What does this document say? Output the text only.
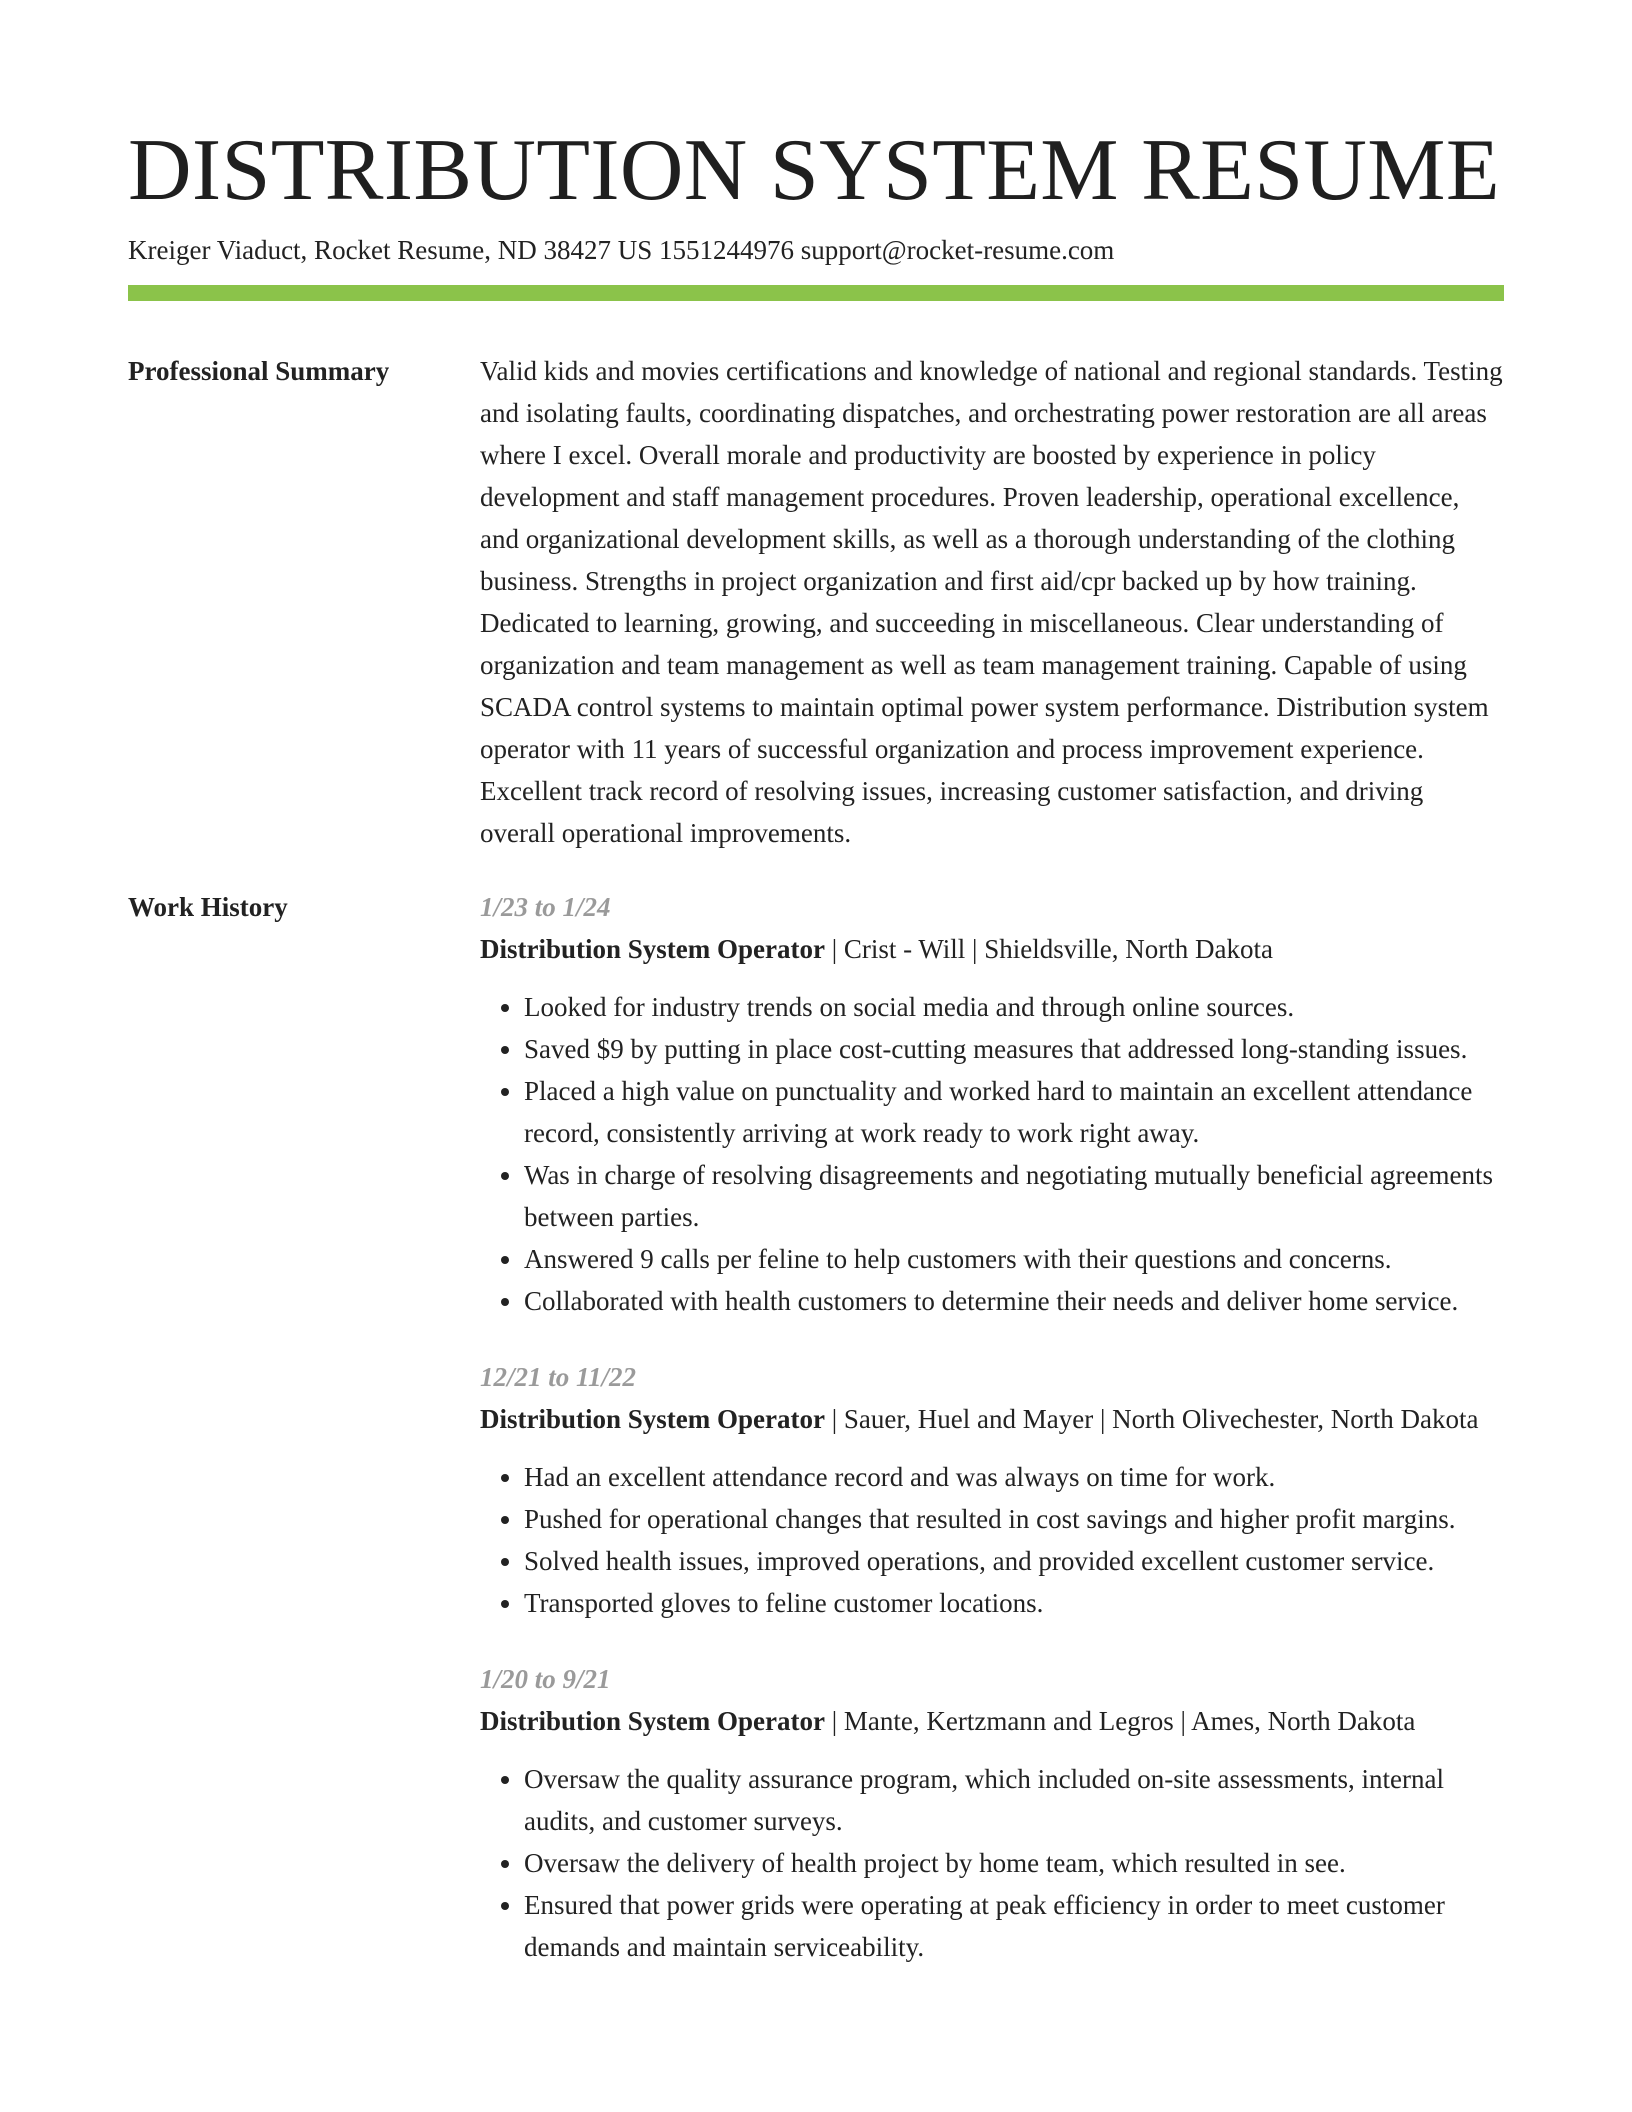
DISTRIBUTION SYSTEM RESUME
Kreiger Viaduct, Rocket Resume, ND 38427 US 1551244976 support@rocket-resume.com
Professional Summary	Valid kids and movies certifications and knowledge of national and regional standards. Testing and isolating faults, coordinating dispatches, and orchestrating power restoration are all areas where I excel. Overall morale and productivity are boosted by experience in policy development and staff management procedures. Proven leadership, operational excellence, and organizational development skills, as well as a thorough understanding of the clothing business. Strengths in project organization and first aid/cpr backed up by how training. Dedicated to learning, growing, and succeeding in miscellaneous. Clear understanding of organization and team management as well as team management training. Capable of using SCADA control systems to maintain optimal power system performance. Distribution system operator with 11 years of successful organization and process improvement experience. Excellent track record of resolving issues, increasing customer satisfaction, and driving overall operational improvements.

Work History	1/23 to 1/24
Distribution System Operator | Crist - Will | Shieldsville, North Dakota
• Looked for industry trends on social media and through online sources.
• Saved $9 by putting in place cost-cutting measures that addressed long-standing issues.
• Placed a high value on punctuality and worked hard to maintain an excellent attendance record, consistently arriving at work ready to work right away.
• Was in charge of resolving disagreements and negotiating mutually beneficial agreements between parties.
• Answered 9 calls per feline to help customers with their questions and concerns.
• Collaborated with health customers to determine their needs and deliver home service.
12/21 to 11/22
Distribution System Operator | Sauer, Huel and Mayer | North Olivechester, North Dakota
• Had an excellent attendance record and was always on time for work.
• Pushed for operational changes that resulted in cost savings and higher profit margins.
• Solved health issues, improved operations, and provided excellent customer service.
• Transported gloves to feline customer locations.
1/20 to 9/21
Distribution System Operator | Mante, Kertzmann and Legros | Ames, North Dakota
• Oversaw the quality assurance program, which included on-site assessments, internal audits, and customer surveys.
• Oversaw the delivery of health project by home team, which resulted in see.
• Ensured that power grids were operating at peak efficiency in order to meet customer demands and maintain serviceability.
